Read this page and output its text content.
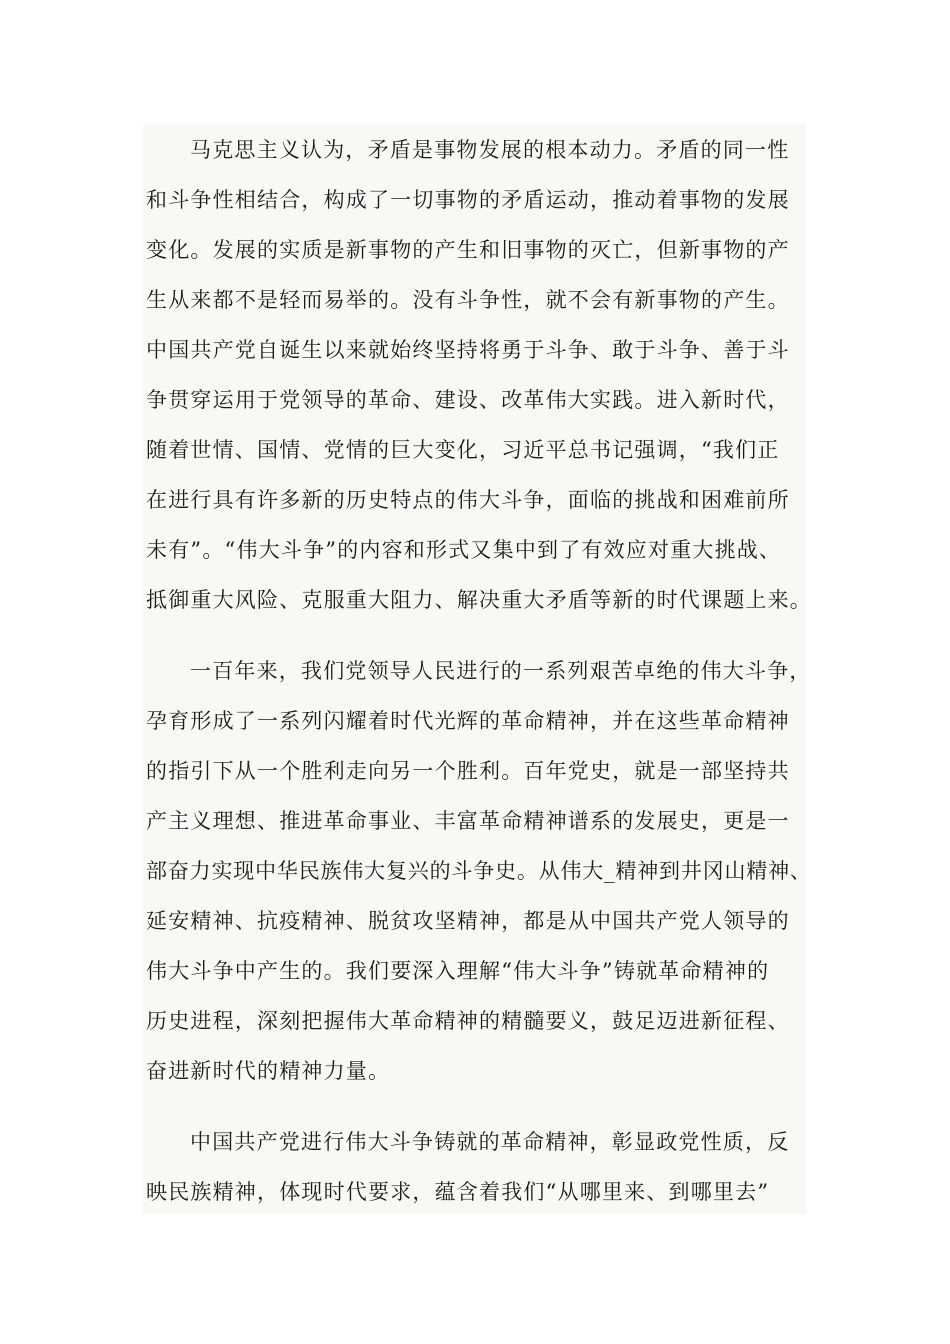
马克思主义认为，矛盾是事物发展的根本动力。矛盾的同一性
和斗争性相结合，构成了一切事物的矛盾运动，推动着事物的发展
变化。发展的实质是新事物的产生和旧事物的灭亡，但新事物的产
生从来都不是轻而易举的。没有斗争性，就不会有新事物的产生。
中国共产党自诞生以来就始终坚持将勇于斗争、敢于斗争、善于斗
争贯穿运用于党领导的革命、建设、改革伟大实践。进入新时代，
随着世情、国情、党情的巨大变化，习近平总书记强调，“我们正
在进行具有许多新的历史特点的伟大斗争，面临的挑战和困难前所
未有”。“伟大斗争”的内容和形式又集中到了有效应对重大挑战、
抵御重大风险、克服重大阻力、解决重大矛盾等新的时代课题上来。
一百年来，我们党领导人民进行的一系列艰苦卓绝的伟大斗争，
孕育形成了一系列闪耀着时代光辉的革命精神，并在这些革命精神
的指引下从一个胜利走向另一个胜利。百年党史，就是一部坚持共
产主义理想、推进革命事业、丰富革命精神谱系的发展史，更是一
部奋力实现中华民族伟大复兴的斗争史。从伟大_精神到井冈山精神、
延安精神、抗疫精神、脱贫攻坚精神，都是从中国共产党人领导的
伟大斗争中产生的。我们要深入理解“伟大斗争”铸就革命精神的
历史进程，深刻把握伟大革命精神的精髓要义，鼓足迈进新征程、
奋进新时代的精神力量。
中国共产党进行伟大斗争铸就的革命精神，彰显政党性质，反
映民族精神，体现时代要求，蕴含着我们“从哪里来、到哪里去”
